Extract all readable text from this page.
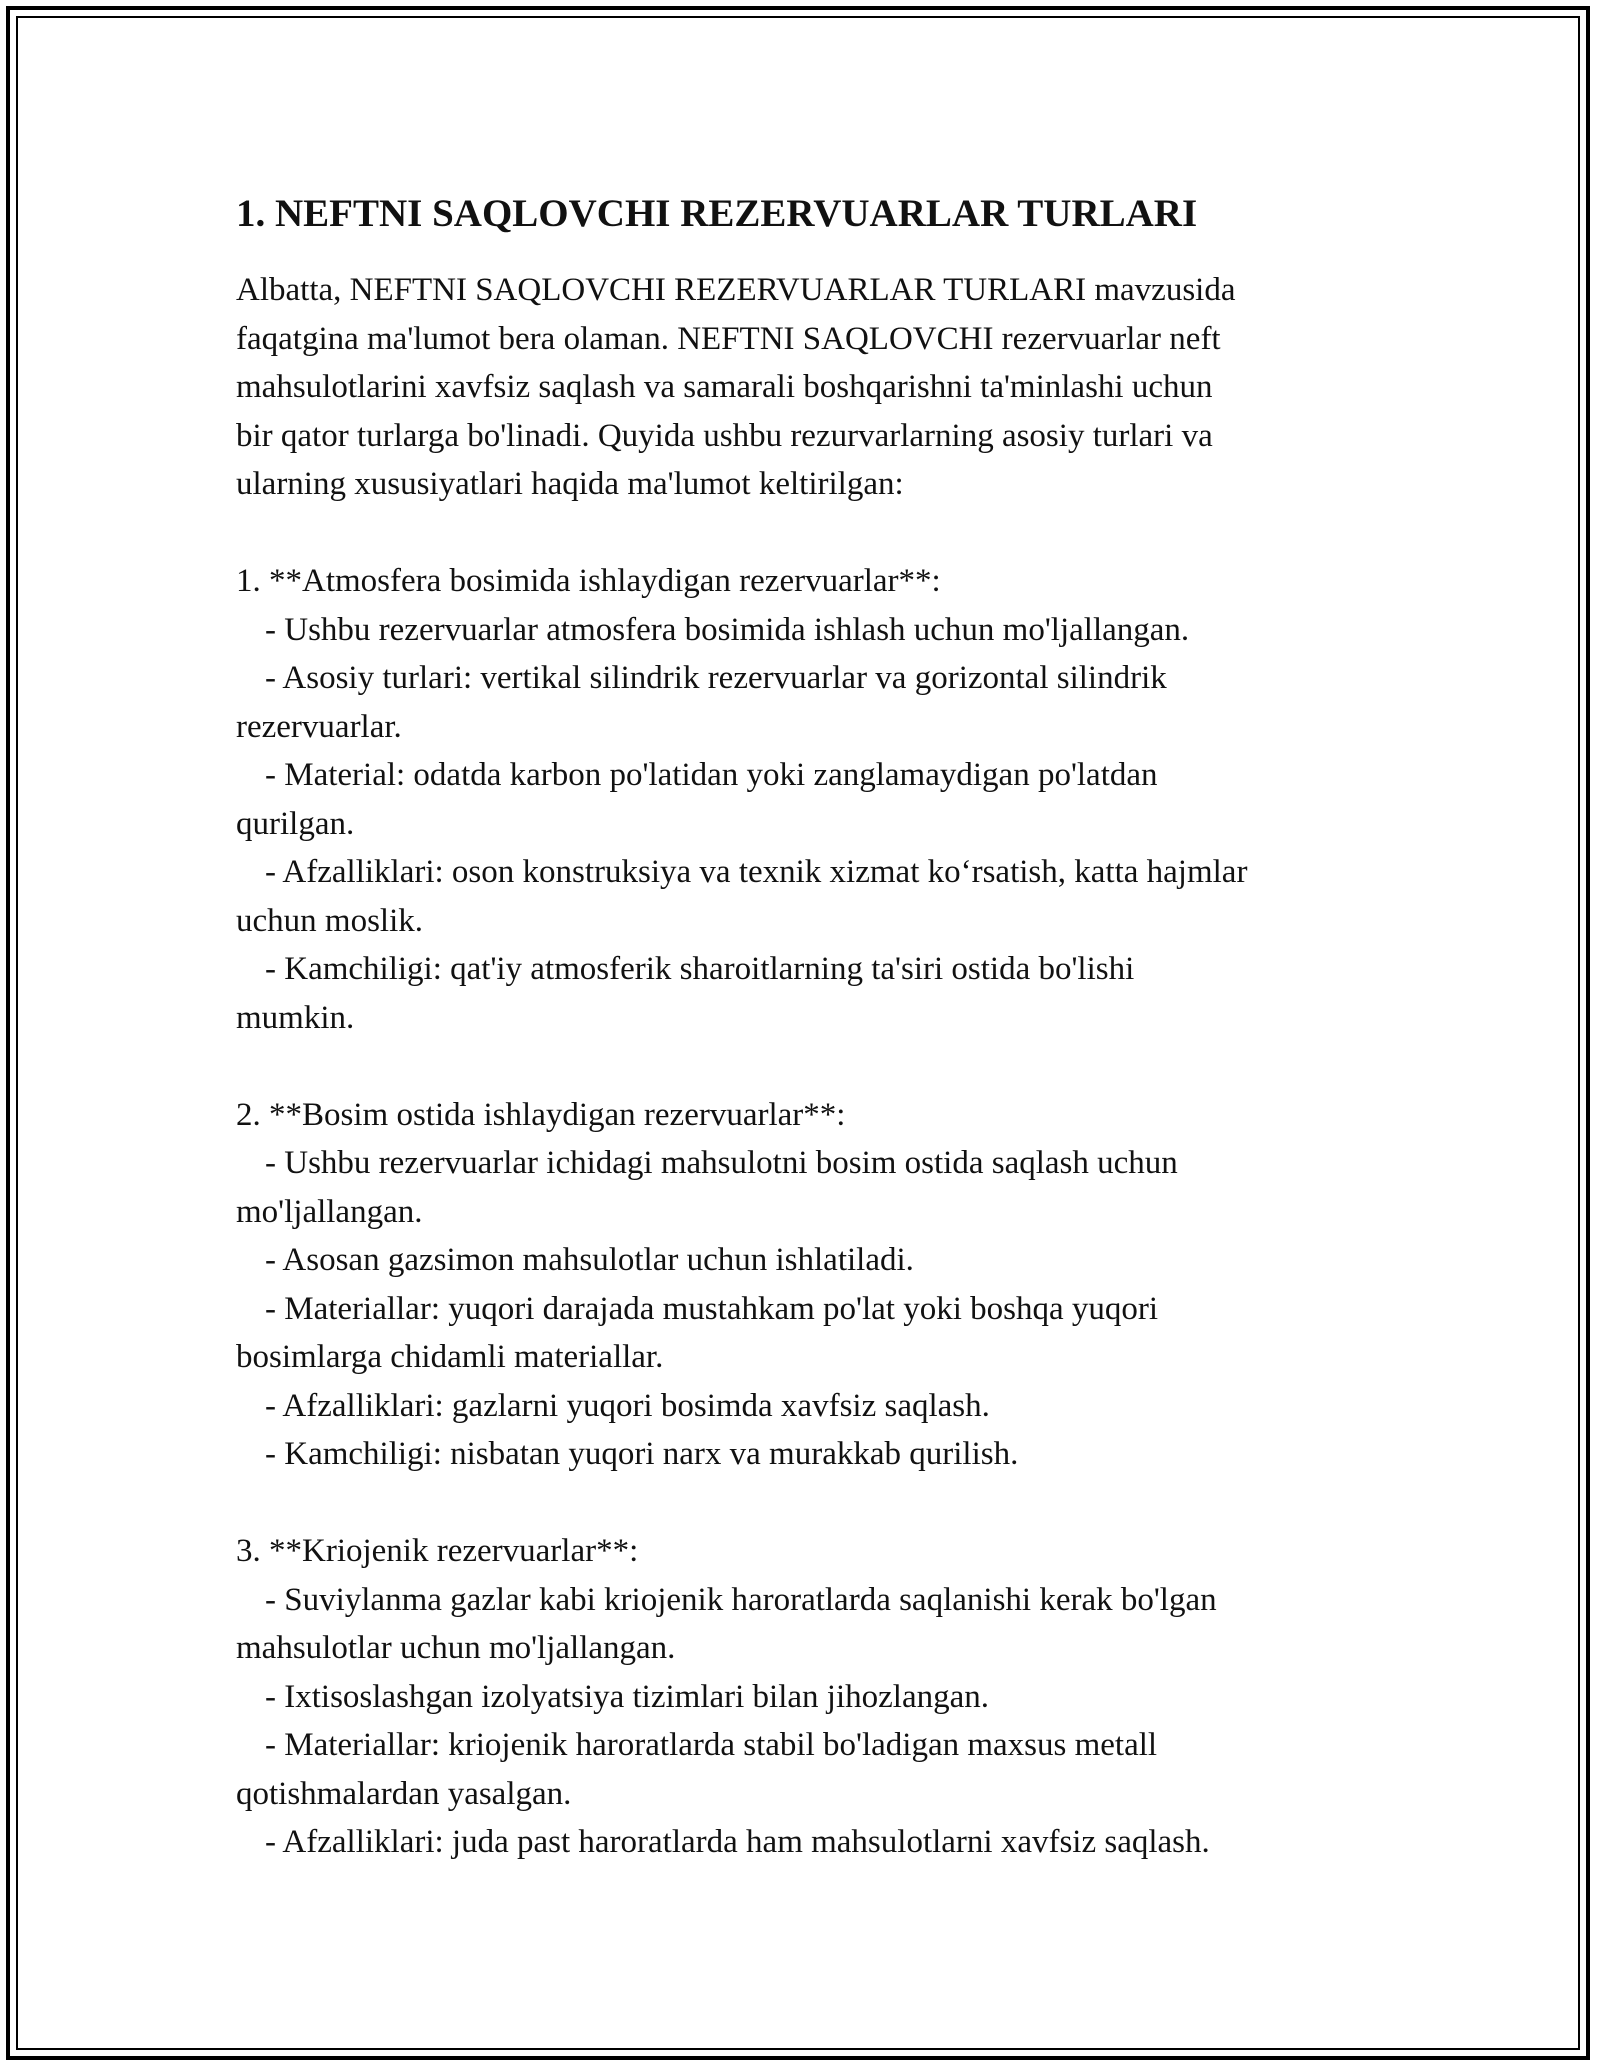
1. NEFTNI SAQLOVCHI REZERVUARLAR TURLARI
Albatta, NEFTNI SAQLOVCHI REZERVUARLAR TURLARI mavzusida
faqatgina ma'lumot bera olaman. NEFTNI SAQLOVCHI rezervuarlar neft
mahsulotlarini xavfsiz saqlash va samarali boshqarishni ta'minlashi uchun
bir qator turlarga bo'linadi. Quyida ushbu rezurvarlarning asosiy turlari va
ularning xususiyatlari haqida ma'lumot keltirilgan:
1. **Atmosfera bosimida ishlaydigan rezervuarlar**:
- Ushbu rezervuarlar atmosfera bosimida ishlash uchun mo'ljallangan.
- Asosiy turlari: vertikal silindrik rezervuarlar va gorizontal silindrik
rezervuarlar.
- Material: odatda karbon po'latidan yoki zanglamaydigan po'latdan
qurilgan.
- Afzalliklari: oson konstruksiya va texnik xizmat ko‘rsatish, katta hajmlar
uchun moslik.
- Kamchiligi: qat'iy atmosferik sharoitlarning ta'siri ostida bo'lishi
mumkin.
2. **Bosim ostida ishlaydigan rezervuarlar**:
- Ushbu rezervuarlar ichidagi mahsulotni bosim ostida saqlash uchun
mo'ljallangan.
- Asosan gazsimon mahsulotlar uchun ishlatiladi.
- Materiallar: yuqori darajada mustahkam po'lat yoki boshqa yuqori
bosimlarga chidamli materiallar.
- Afzalliklari: gazlarni yuqori bosimda xavfsiz saqlash.
- Kamchiligi: nisbatan yuqori narx va murakkab qurilish.
3. **Kriojenik rezervuarlar**:
- Suviylanma gazlar kabi kriojenik haroratlarda saqlanishi kerak bo'lgan
mahsulotlar uchun mo'ljallangan.
- Ixtisoslashgan izolyatsiya tizimlari bilan jihozlangan.
- Materiallar: kriojenik haroratlarda stabil bo'ladigan maxsus metall
qotishmalardan yasalgan.
- Afzalliklari: juda past haroratlarda ham mahsulotlarni xavfsiz saqlash.
